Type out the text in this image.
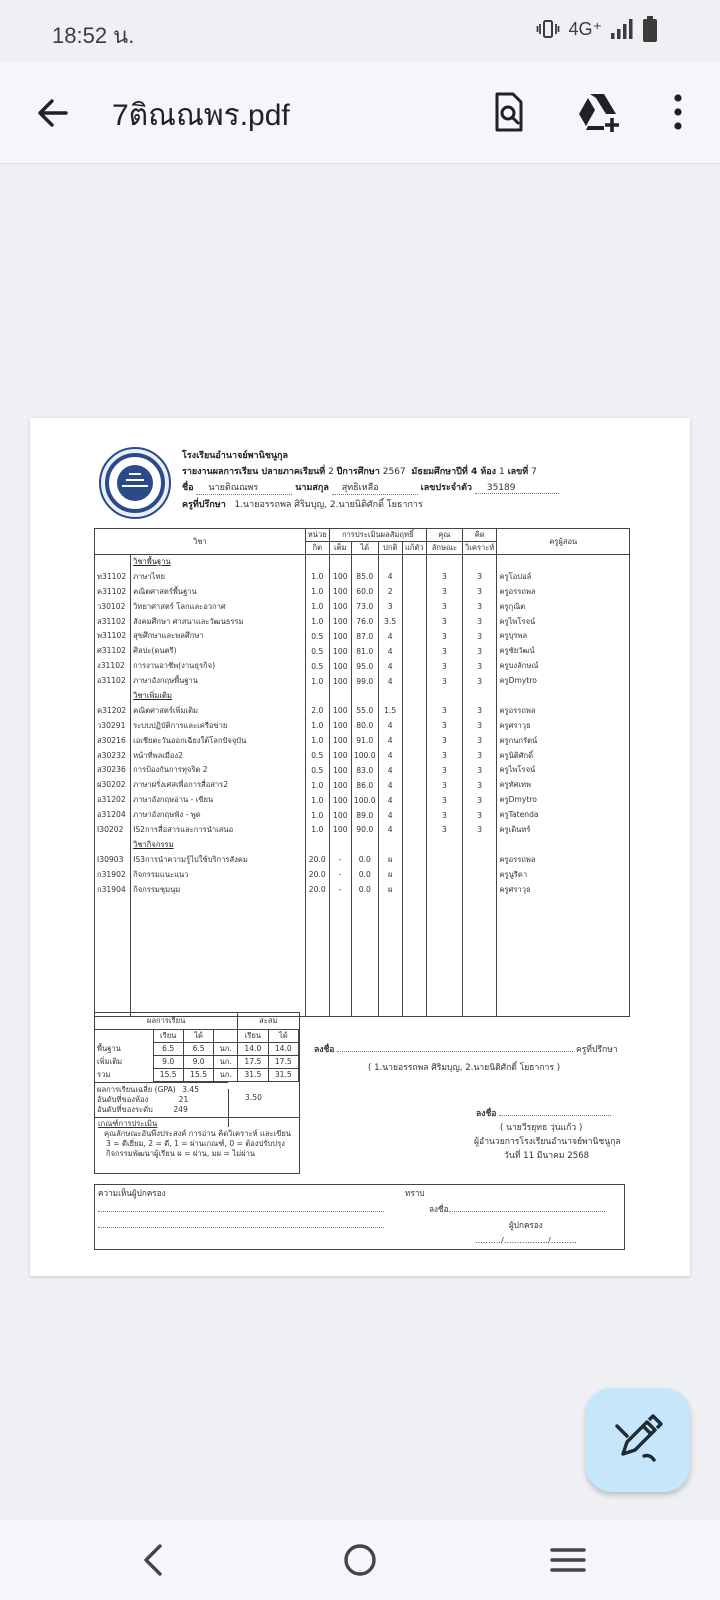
18:52 น.	4G⁺
7ติณณพร.pdf
โรงเรียนอำนาจย์พานิชนูกุล
รายงานผลการเรียน ปลายภาคเรียนที่ 2 ปีการศึกษา 2567 มัธยมศึกษาปีที่ 4 ห้อง 1 เลขที่ 7
ชื่อ นายติณณพร	นามสกุล สุทธิเหลือ	เลขประจำตัว 35189
ครูที่ปรึกษา 1.นายอรรถพล ศิริมบุญ, 2.นายนิติศักดิ์ โยธาการ
วิชา		หน่วย	การประเมินผลสัมฤทธิ์				คุณ	คิด	ครูผู้สอน
		กิต	เต็ม	ได้	ปกติ	แก้ตัว	ลักษณะ	วิเคราะห์	
	วิชาพื้นฐาน								
ท31102	ภาษาไทย	1.0	100	85.0	4		3	3	ครูโอปอล์
ค31102	คณิตศาสตร์พื้นฐาน	1.0	100	60.0	2		3	3	ครูอรรถพล
ว30102	วิทยาศาสตร์ โลกและอวกาศ	1.0	100	73.0	3		3	3	ครูกุณิต
ส31102	สังคมศึกษา ศาสนาและวัฒนธรรม	1.0	100	76.0	3.5		3	3	ครูไพโรจน์
พ31102	สุขศึกษาและพลศึกษา	0.5	100	87.0	4		3	3	ครูบุรพล
ศ31102	ศิลปะ(ดนตรี)	0.5	100	81.0	4		3	3	ครูชัยวัฒน์
ง31102	การงานอาชีพ(งานธุรกิจ)	0.5	100	95.0	4		3	3	ครูบงลักษณ์
อ31102	ภาษาอังกฤษพื้นฐาน	1.0	100	99.0	4		3	3	ครูDmytro
	วิชาเพิ่มเติม								
ค31202	คณิตศาสตร์เพิ่มเติม	2.0	100	55.0	1.5		3	3	ครูอรรถพล
ว30291	ระบบปฏิบัติการและเครือข่าย	1.0	100	80.0	4		3	3	ครูศราวุธ
ส30216	เอเชียตะวันออกเฉียงใต้โลกปัจจุบัน	1.0	100	91.0	4		3	3	ครูกนกรัตน์
ส30232	หน้าที่พลเมือง2	0.5	100	100.0	4		3	3	ครูนิติศักดิ์
ส30236	การป้องกันการทุจริต 2	0.5	100	83.0	4		3	3	ครูไพโรจน์
ฝ30202	ภาษาฝรั่งเศสเพื่อการสื่อสาร2	1.0	100	86.0	4		3	3	ครูทัศเทพ
อ31202	ภาษาอังกฤษอ่าน - เขียน	1.0	100	100.0	4		3	3	ครูDmytro
อ31204	ภาษาอังกฤษฟัง - พูด	1.0	100	89.0	4		3	3	ครูTatenda
I30202	IS2การสื่อสารและการนำเสนอ	1.0	100	90.0	4		3	3	ครูเดินทร์
	วิชากิจกรรม								
I30903	IS3การนำความรู้ไปใช้บริการสังคม	20.0	-	0.0	ผ				ครูอรรถพล
ก31902	กิจกรรมแนะแนว	20.0	-	0.0	ผ				ครูนูรีดา
ก31904	กิจกรรมชุมนุม	20.0	-	0.0	ผ				ครูศราวุธ

ผลการเรียน				สะสม	
	เรียน	ได้		เรียน	ได้
พื้นฐาน	6.5	6.5	นก.	14.0	14.0
เพิ่มเติม	9.0	9.0	นก.	17.5	17.5
รวม	15.5	15.5	นก.	31.5	31.5
ผลการเรียนเฉลี่ย (GPA) 3.45
อันดับที่ของห้อง	21
อันดับที่ของระดับ	249
3.50
เกณฑ์การประเมิน
คุณลักษณะอันพึงประสงค์ การอ่าน คิดวิเคราะห์ และเขียน
3 = ดีเยี่ยม, 2 = ดี, 1 = ผ่านเกณฑ์, 0 = ต้องปรับปรุง
กิจกรรมพัฒนาผู้เรียน ผ = ผ่าน, มผ = ไม่ผ่าน
ลงชื่อ	ครูที่ปรึกษา
( 1.นายอรรถพล ศิริมบุญ, 2.นายนิติศักดิ์ โยธาการ )
ลงชื่อ
( นายวีรยุทธ วุ่นแก้ว )
ผู้อำนวยการโรงเรียนอำนาจย์พานิชนูกุล
วันที่ 11 มีนาคม 2568
ความเห็นผู้ปกครอง	ทราบ
ลงชื่อ
ผู้ปกครอง
........../................./..........
